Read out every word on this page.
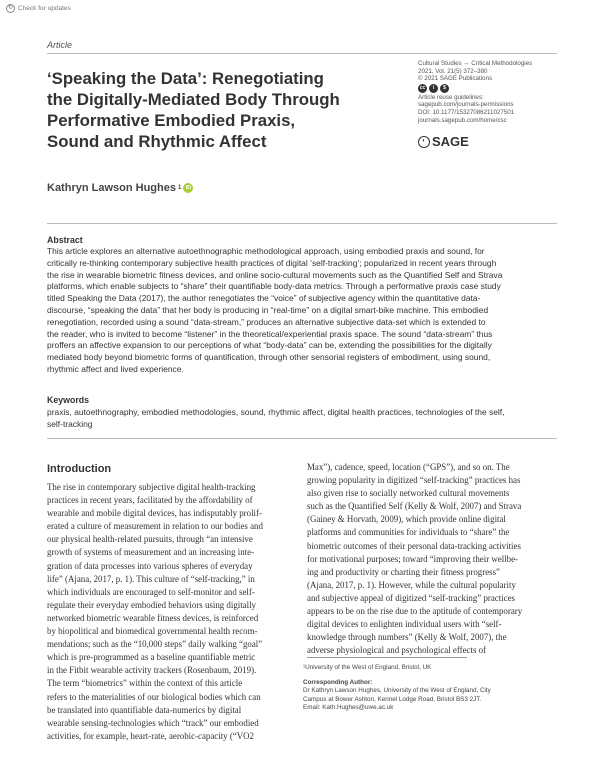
↻ Check for updates
Article
‘Speaking the Data’: Renegotiating
the Digitally-Mediated Body Through
Performative Embodied Praxis,
Sound and Rhythmic Affect
Cultural Studies ↔ Critical Methodologies
2021, Vol. 21(5) 372–380
© 2021 SAGE Publications
cc	i	$
Article reuse guidelines:
sagepub.com/journals-permissions
DOI: 10.1177/15327086211027501
journals.sagepub.com/home/csc
◐ SAGE
Kathryn Lawson Hughes 1 iD
Abstract
This article explores an alternative autoethnographic methodological approach, using embodied praxis and sound, for
critically re-thinking contemporary subjective health practices of digital ‘self-tracking’; popularized in recent years through
the rise in wearable biometric fitness devices, and online socio-cultural movements such as the Quantified Self and Strava
platforms, which enable subjects to “share” their quantifiable body-data metrics. Through a performative praxis case study
titled Speaking the Data (2017), the author renegotiates the “voice” of subjective agency within the quantitative data-
discourse, “speaking the data” that her body is producing in “real-time” on a digital smart-bike machine. This embodied
renegotiation, recorded using a sound “data-stream,” produces an alternative subjective data-set which is extended to
the reader, who is invited to become “listener” in the theoretical/experiential praxis space. The sound “data-stream” thus
proffers an affective expansion to our perceptions of what “body-data” can be, extending the possibilities for the digitally
mediated body beyond biometric forms of quantification, through other sensorial registers of embodiment, using sound,
rhythmic affect and lived experience.
Keywords
praxis, autoethnography, embodied methodologies, sound, rhythmic affect, digital health practices, technologies of the self,
self-tracking
Introduction
The rise in contemporary subjective digital health-tracking
practices in recent years, facilitated by the affordability of
wearable and mobile digital devices, has indisputably prolif-
erated a culture of measurement in relation to our bodies and
our physical health-related pursuits, through “an intensive
growth of systems of measurement and an increasing inte-
gration of data processes into various spheres of everyday
life” (Ajana, 2017, p. 1). This culture of “self-tracking,” in
which individuals are encouraged to self-monitor and self-
regulate their everyday embodied behaviors using digitally
networked biometric wearable fitness devices, is reinforced
by biopolitical and biomedical governmental health recom-
mendations; such as the “10,000 steps” daily walking “goal”
which is pre-programmed as a baseline quantifiable metric
in the Fitbit wearable activity trackers (Rosenbaum, 2019).
The term “biometrics” within the context of this article
refers to the materialities of our biological bodies which can
be translated into quantifiable data-numerics by digital
wearable sensing-technologies which “track” our embodied
activities, for example, heart-rate, aerobic-capacity (“VO2
Max”), cadence, speed, location (“GPS”), and so on. The
growing popularity in digitized “self-tracking” practices has
also given rise to socially networked cultural movements
such as the Quantified Self (Kelly & Wolf, 2007) and Strava
(Gainey & Horvath, 2009), which provide online digital
platforms and communities for individuals to “share” the
biometric outcomes of their personal data-tracking activities
for motivational purposes; toward “improving their wellbe-
ing and productivity or charting their fitness progress”
(Ajana, 2017, p. 1). However, while the cultural popularity
and subjective appeal of digitized “self-tracking” practices
appears to be on the rise due to the aptitude of contemporary
digital devices to enlighten individual users with “self-
knowledge through numbers” (Kelly & Wolf, 2007), the
adverse physiological and psychological effects of
¹University of the West of England, Bristol, UK
Corresponding Author:
Dr Kathryn Lawson Hughes, University of the West of England, City
Campus at Bower Ashton, Kennel Lodge Road, Bristol BS3 2JT.
Email: Kath.Hughes@uwe.ac.uk
